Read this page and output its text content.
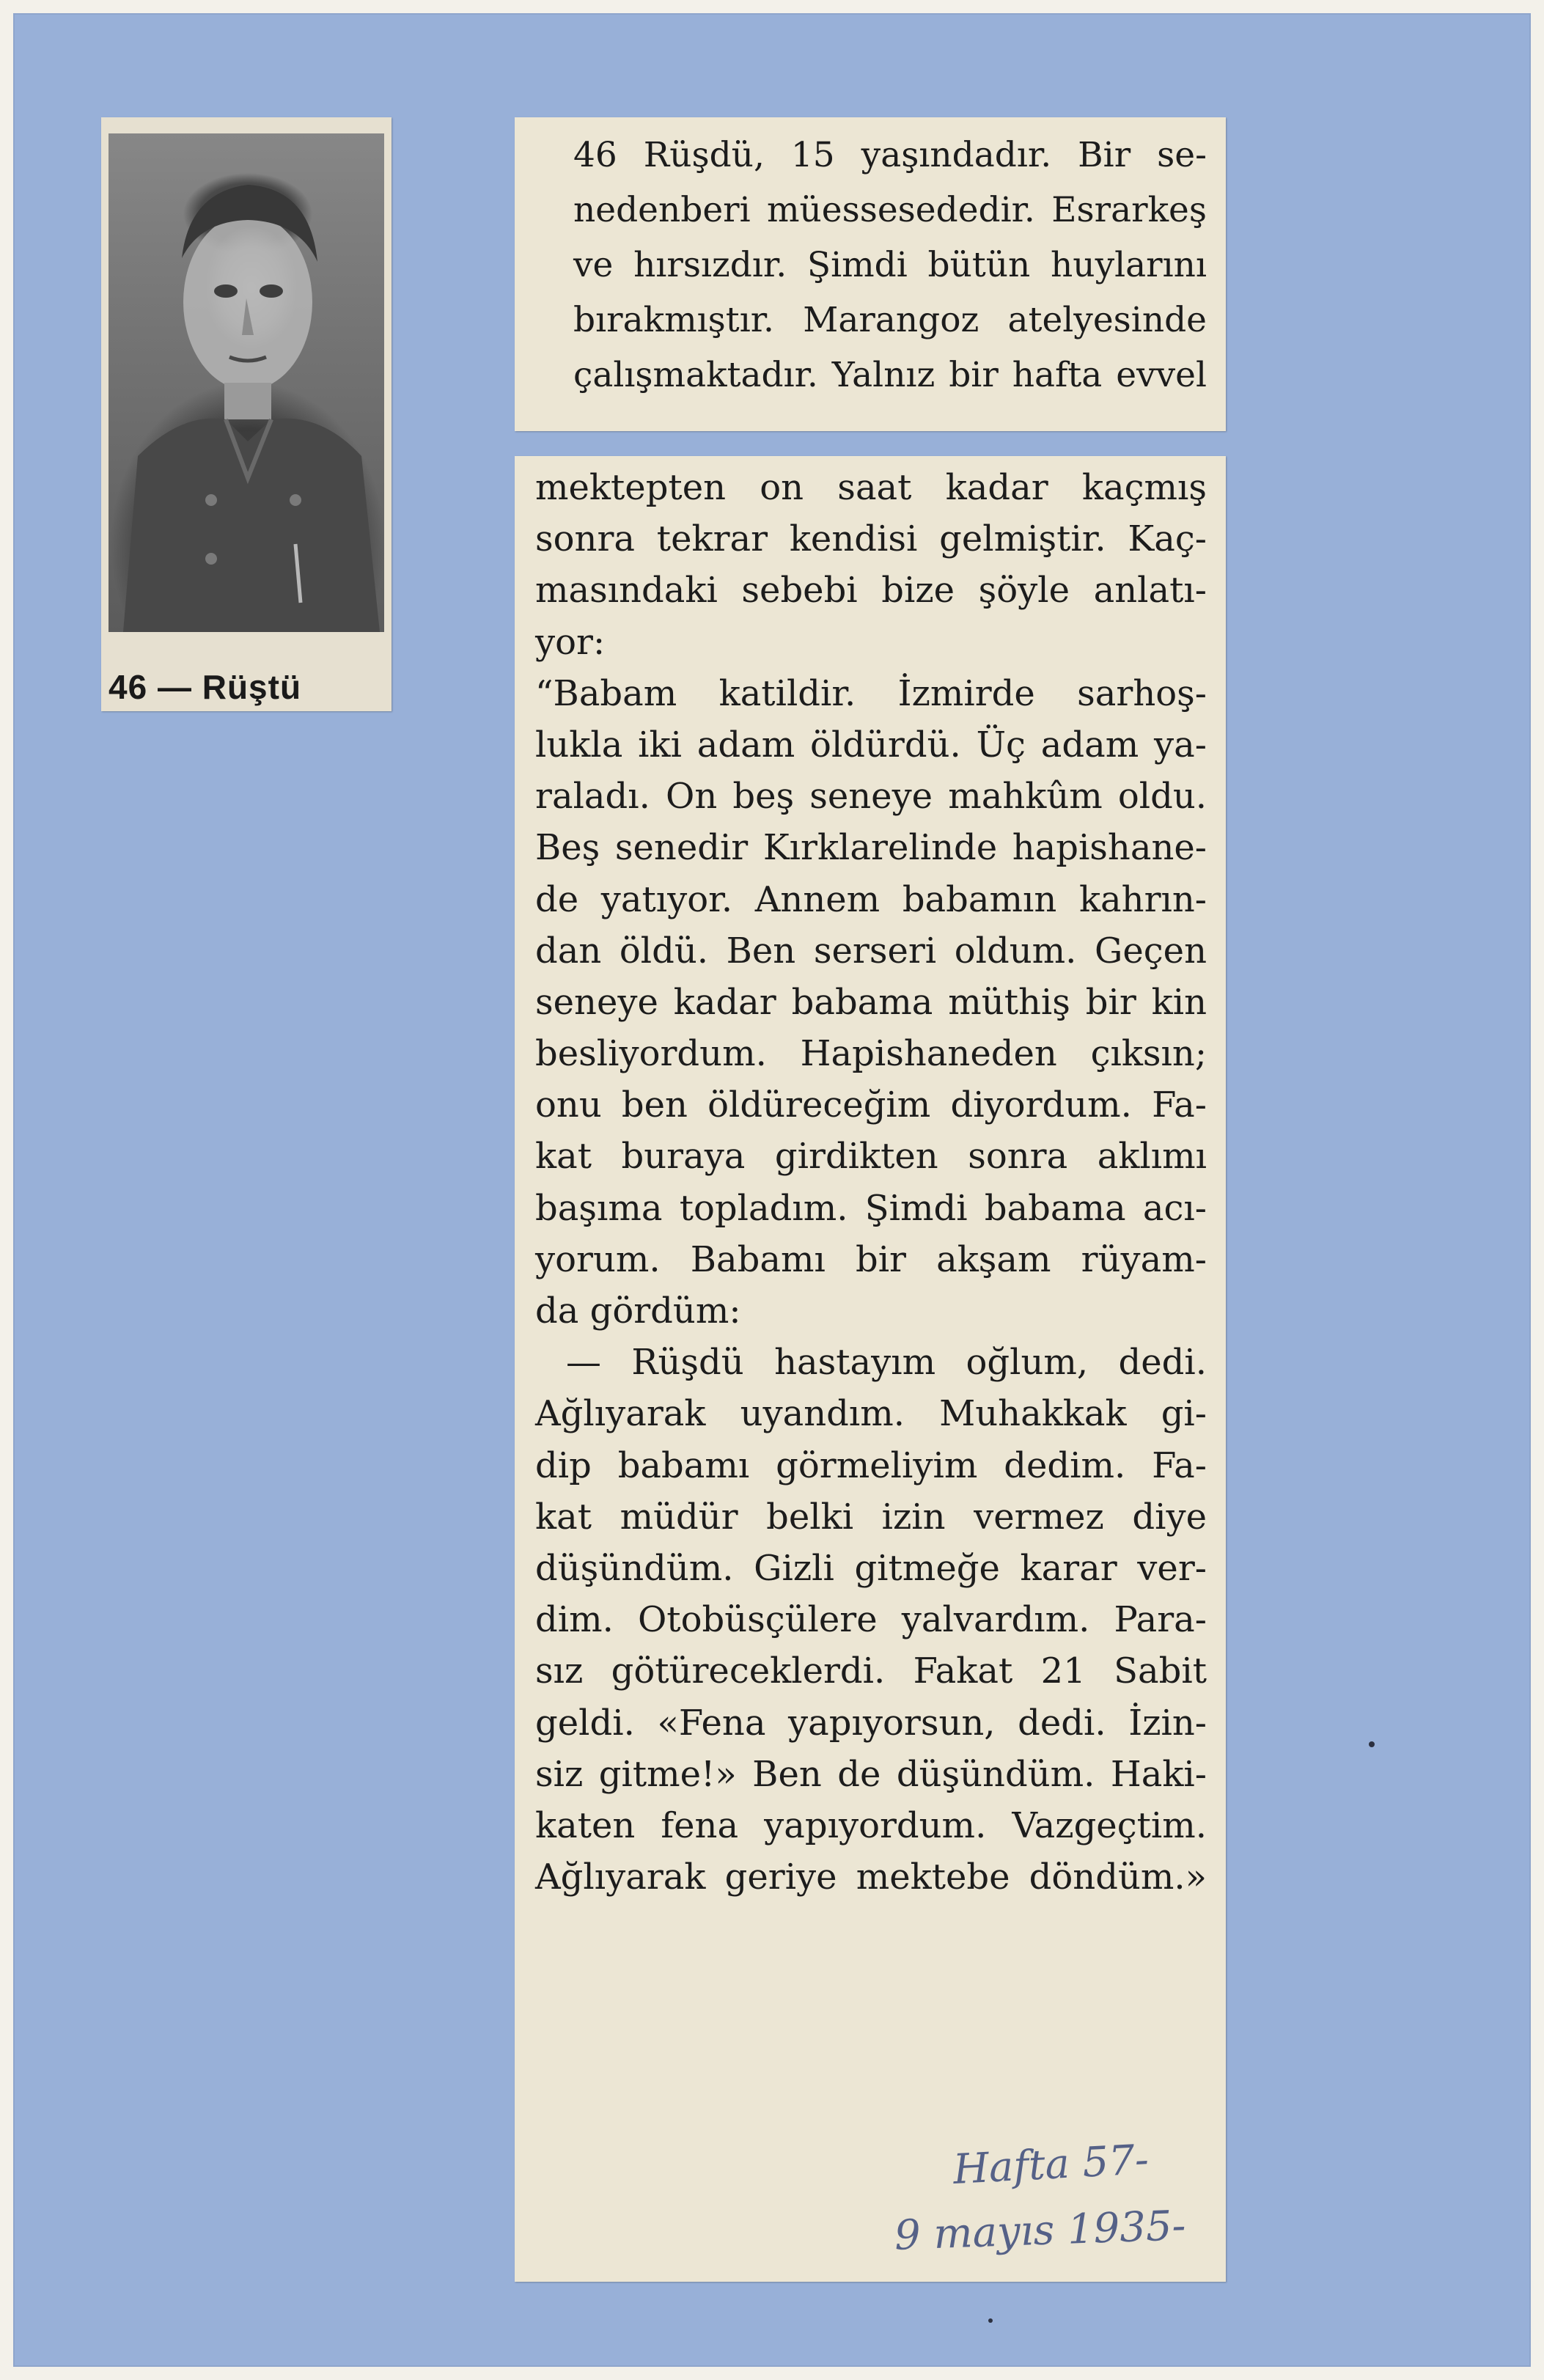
46 — Rüştü
46 Rüşdü, 15 yaşındadır. Bir se-
nedenberi müessesededir. Esrarkeş
ve hırsızdır. Şimdi bütün huylarını
bırakmıştır. Marangoz atelyesinde
çalışmaktadır. Yalnız bir hafta evvel
mektepten on saat kadar kaçmış
sonra tekrar kendisi gelmiştir. Kaç-
masındaki sebebi bize şöyle anlatı-
yor:
“Babam katildir. İzmirde sarhoş-
lukla iki adam öldürdü. Üç adam ya-
raladı. On beş seneye mahkûm oldu.
Beş senedir Kırklarelinde hapishane-
de yatıyor. Annem babamın kahrın-
dan öldü. Ben serseri oldum. Geçen
seneye kadar babama müthiş bir kin
besliyordum. Hapishaneden çıksın;
onu ben öldüreceğim diyordum. Fa-
kat buraya girdikten sonra aklımı
başıma topladım. Şimdi babama acı-
yorum. Babamı bir akşam rüyam-
da gördüm:
— Rüşdü hastayım oğlum, dedi.
Ağlıyarak uyandım. Muhakkak gi-
dip babamı görmeliyim dedim. Fa-
kat müdür belki izin vermez diye
düşündüm. Gizli gitmeğe karar ver-
dim. Otobüsçülere yalvardım. Para-
sız götüreceklerdi. Fakat 21 Sabit
geldi. «Fena yapıyorsun, dedi. İzin-
siz gitme!» Ben de düşündüm. Haki-
katen fena yapıyordum. Vazgeçtim.
Ağlıyarak geriye mektebe döndüm.»
Hafta 57-
9 mayıs 1935-
